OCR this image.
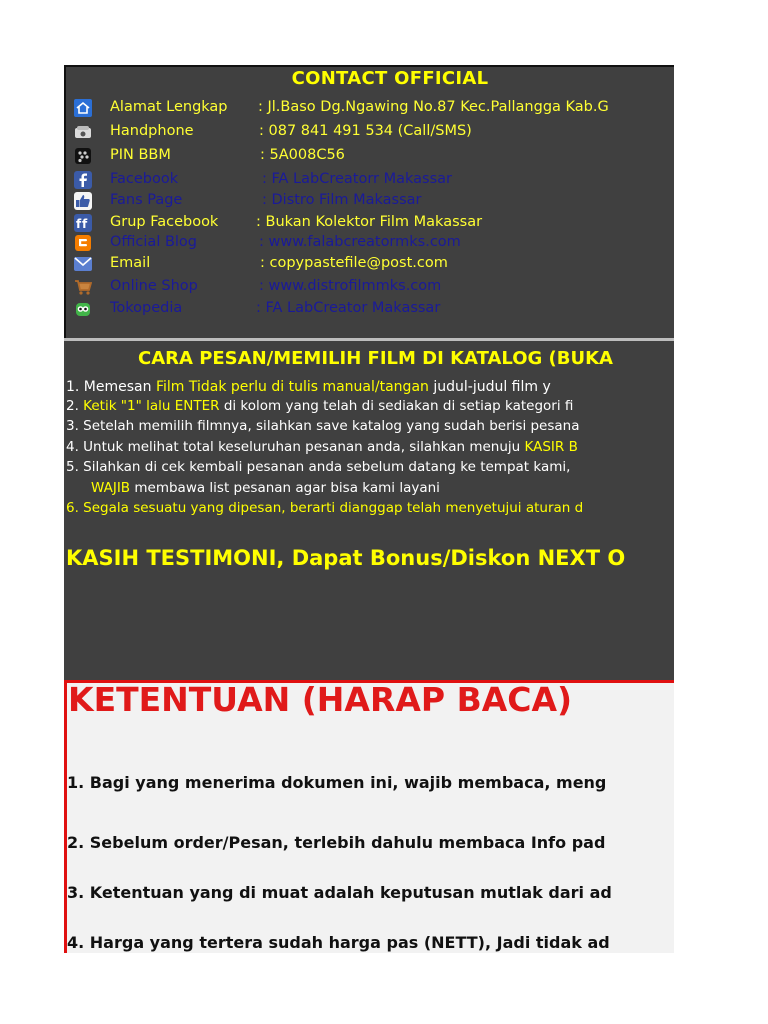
CONTACT OFFICIAL
Alamat Lengkap : Jl.Baso Dg.Ngawing No.87 Kec.Pallangga Kab.G
Handphone	: 087 841 491 534 (Call/SMS)
PIN BBM	: 5A008C56
Facebook	: FA LabCreatorr Makassar
Fans Page	: Distro Film Makassar
f f Grup Facebook	: Bukan Kolektor Film Makassar
Official Blog	: www.falabcreatormks.com
Email	: copypastefile@post.com
Online Shop	: www.distrofilmmks.com
Tokopedia	: FA LabCreator Makassar
CARA PESAN/MEMILIH FILM DI KATALOG (BUKA
1. Memesan Film Tidak perlu di tulis manual/tangan judul-judul film y
2. Ketik "1" lalu ENTER di kolom yang telah di sediakan di setiap kategori fi
3. Setelah memilih filmnya, silahkan save katalog yang sudah berisi pesana
4. Untuk melihat total keseluruhan pesanan anda, silahkan menuju KASIR B
5. Silahkan di cek kembali pesanan anda sebelum datang ke tempat kami,
WAJIB membawa list pesanan agar bisa kami layani
6. Segala sesuatu yang dipesan, berarti dianggap telah menyetujui aturan d
KASIH TESTIMONI, Dapat Bonus/Diskon NEXT O
KETENTUAN (HARAP BACA)
1. Bagi yang menerima dokumen ini, wajib membaca, meng
2. Sebelum order/Pesan, terlebih dahulu membaca Info pad
3. Ketentuan yang di muat adalah keputusan mutlak dari ad
4. Harga yang tertera sudah harga pas (NETT), Jadi tidak ad
